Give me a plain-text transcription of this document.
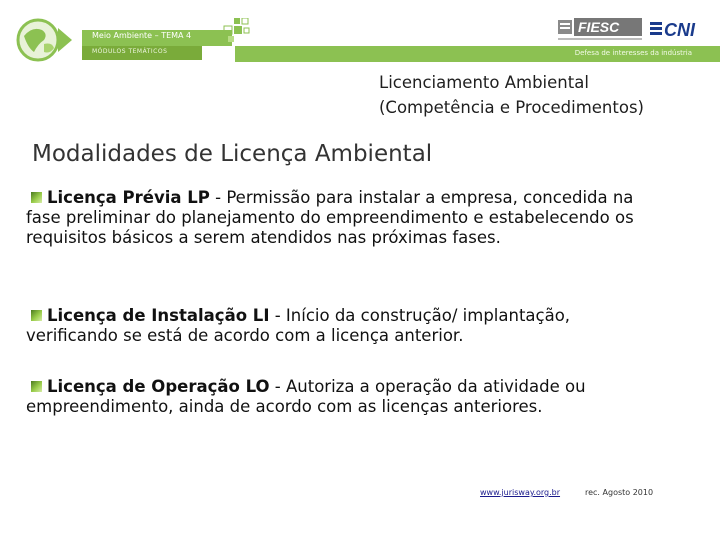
Meio Ambiente – TEMA 4
MÓDULOS TEMÁTICOS	Defesa de interesses da indústria
FIESC CNI
Licenciamento Ambiental
(Competência e Procedimentos)
Modalidades de Licença Ambiental
Licença Prévia LP - Permissão para instalar a empresa, concedida na fase preliminar do planejamento do empreendimento e estabelecendo os requisitos básicos a serem atendidos nas próximas fases.
Licença de Instalação LI - Início da construção/ implantação, verificando se está de acordo com a licença anterior.
Licença de Operação LO - Autoriza a operação da atividade ou empreendimento, ainda de acordo com as licenças anteriores.
www.jurisway.org.br	rec. Agosto 2010
